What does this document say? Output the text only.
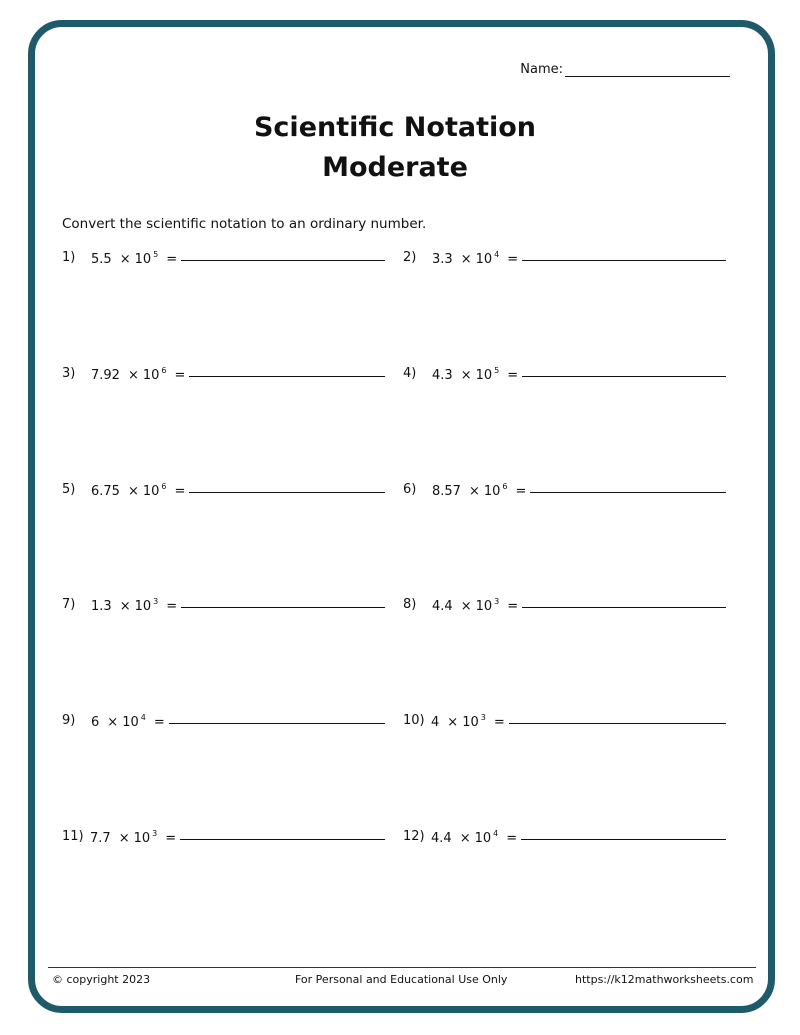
Name:
Scientific Notation
Moderate
Convert the scientific notation to an ordinary number.
1) 5.5 × 10 $^5$ =	2) 3.3 × 10 $^4$ =
3) 7.92 × 10 $^6$ =	4) 4.3 × 10 $^5$ =
5) 6.75 × 10 $^6$ =	6) 8.57 × 10 $^6$ =
7) 1.3 × 10 $^3$ =	8) 4.4 × 10 $^3$ =
9) 6 × 10 $^4$ =	10) 4 × 10 $^3$ =
11) 7.7 × 10 $^3$ =	12) 4.4 × 10 $^4$ =
© copyright 2023	For Personal and Educational Use Only	https://k12mathworksheets.com
